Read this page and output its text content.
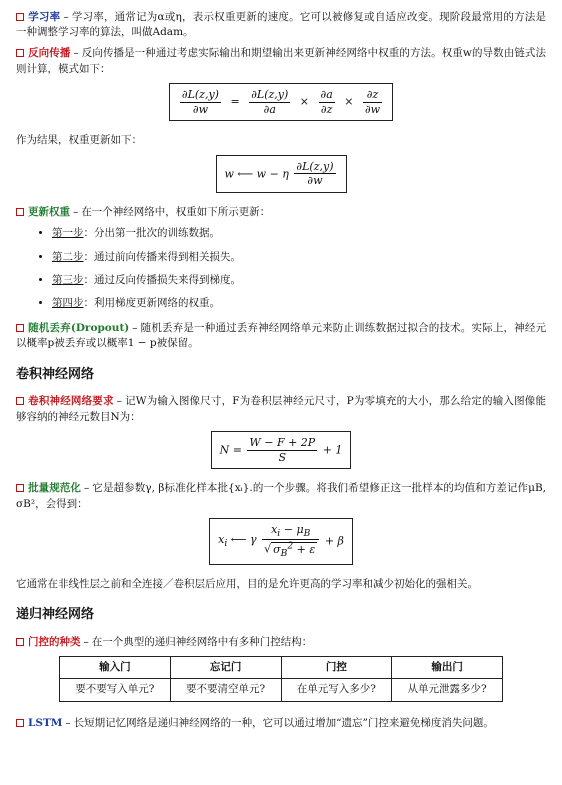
学习率 – 学习率，通常记为α或η，表示权重更新的速度。它可以被修复或自适应改变。现阶段最常用的方法是一种调整学习率的算法，叫做Adam。

反向传播 – 反向传播是一种通过考虑实际输出和期望输出来更新神经网络中权重的方法。权重w的导数由链式法则计算，模式如下：

$\frac{\partial L(z,y)}{\partial w} = \frac{\partial L(z,y)}{\partial a} \times \frac{\partial a}{\partial z} \times \frac{\partial z}{\partial w}$

作为结果，权重更新如下：

w ⟵ w − η $\frac{\partial L(z,y)}{\partial w}$

更新权重 – 在一个神经网络中，权重如下所示更新：

• 第一步：分出第一批次的训练数据。
• 第二步：通过前向传播来得到相关损失。
• 第三步：通过反向传播损失来得到梯度。
• 第四步：利用梯度更新网络的权重。

随机丢弃(Dropout) – 随机丢弃是一种通过丢弃神经网络单元来防止训练数据过拟合的技术。实际上，神经元以概率p被丢弃或以概率1 − p被保留。

卷积神经网络

卷积神经网络要求 – 记W为输入图像尺寸，F为卷积层神经元尺寸，P为零填充的大小，那么给定的输入图像能够容纳的神经元数目N为：

$N = \frac{W - F + 2P}{S} + 1$

批量规范化 – 它是超参数γ, β标准化样本批{xᵢ}.的一个步骤。将我们希望修正这一批样本的均值和方差记作μB, σB²，会得到：

$x_i$ ⟵ γ $\frac{x_i - \mu_B}{√ \sigma_B^2 + \varepsilon} + \beta$

它通常在非线性层之前和全连接／卷积层后应用，目的是允许更高的学习率和减少初始化的强相关。

递归神经网络

门控的种类 – 在一个典型的递归神经网络中有多种门控结构：

输入门	忘记门	门控	输出门
要不要写入单元?	要不要清空单元?	在单元写入多少?	从单元泄露多少?

LSTM – 长短期记忆网络是递归神经网络的一种，它可以通过增加“遗忘”门控来避免梯度消失问题。
